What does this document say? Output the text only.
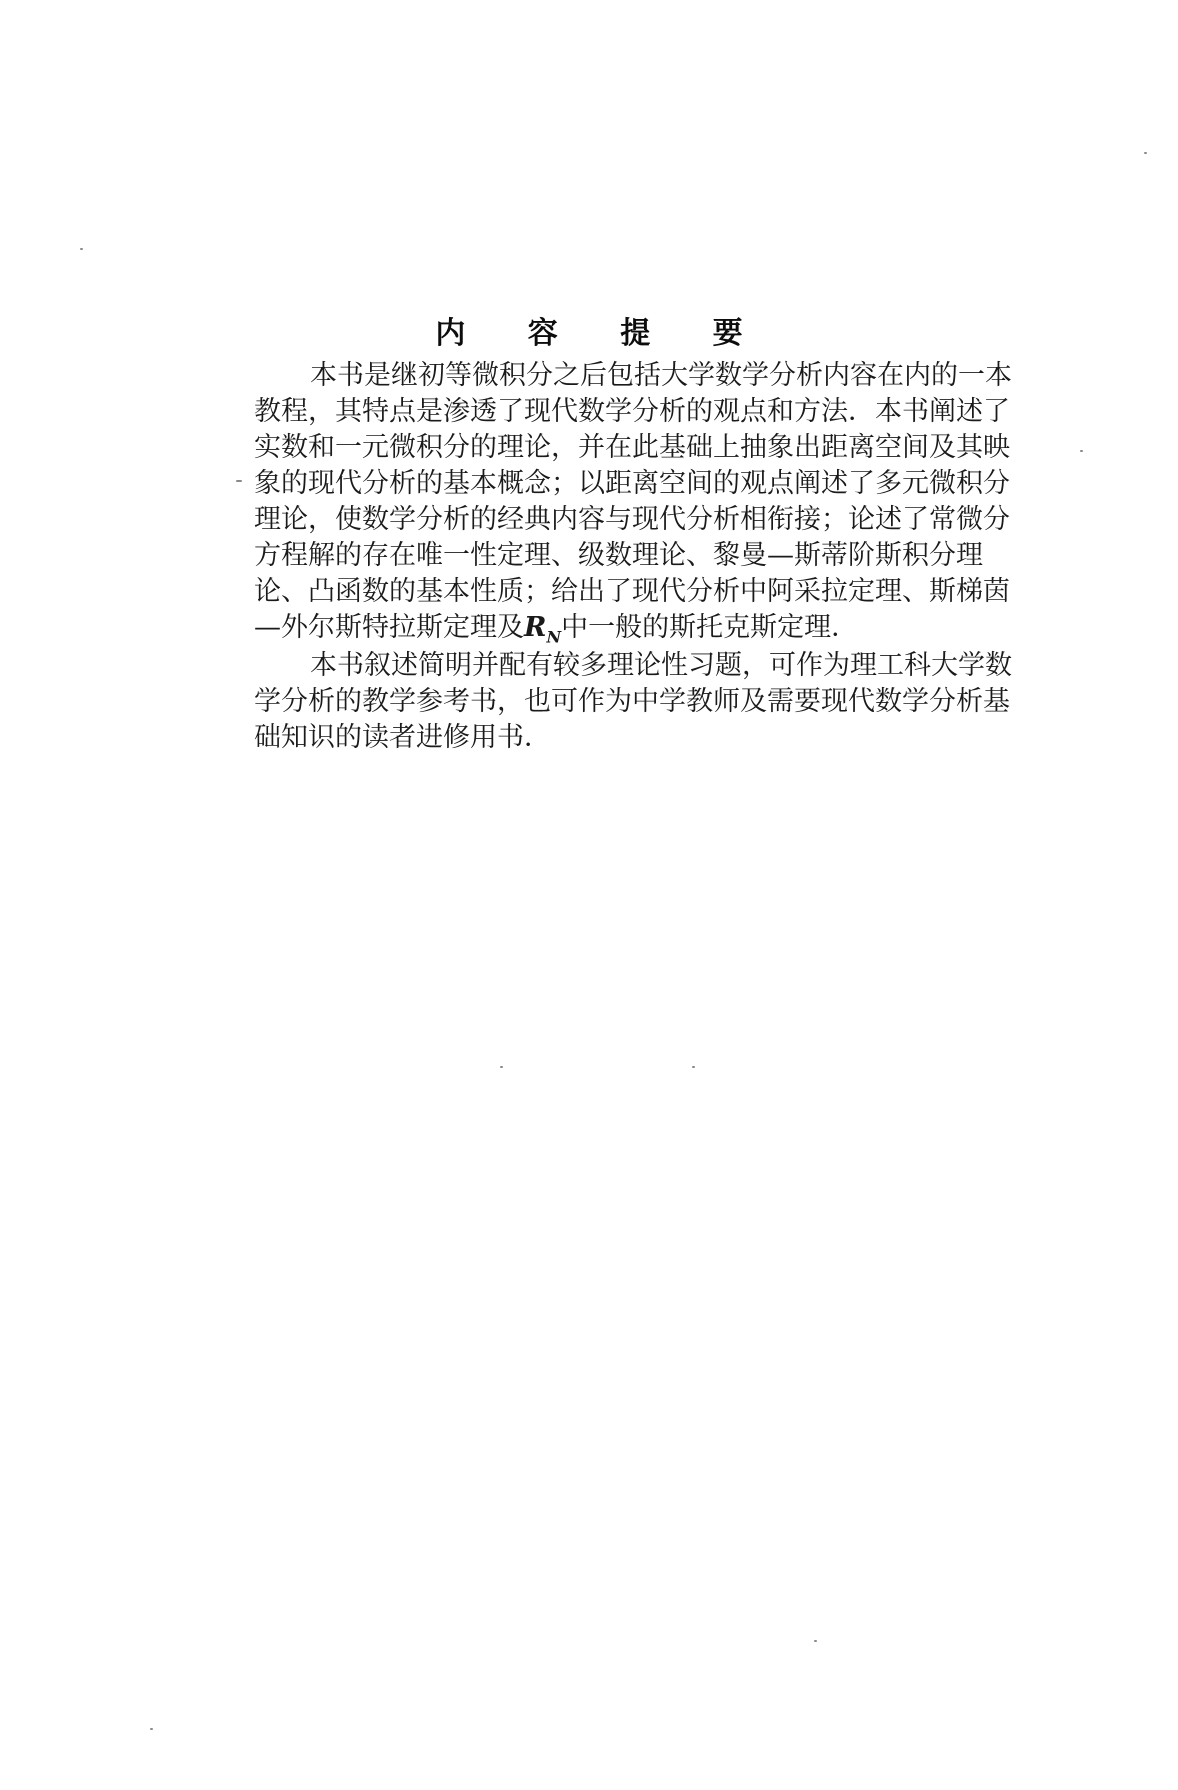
内 容 提 要
本书是继初等微积分之后包括大学数学分析内容在内的一本
教程，其特点是渗透了现代数学分析的观点和方法．本书阐述了
实数和一元微积分的理论，并在此基础上抽象出距离空间及其映
象的现代分析的基本概念；以距离空间的观点阐述了多元微积分
理论，使数学分析的经典内容与现代分析相衔接；论述了常微分
方程解的存在唯一性定理、级数理论、黎曼—斯蒂阶斯积分理
论、凸函数的基本性质；给出了现代分析中阿采拉定理、斯梯茵
—外尔斯特拉斯定理及$R_N$中一般的斯托克斯定理．
本书叙述简明并配有较多理论性习题，可作为理工科大学数
学分析的教学参考书，也可作为中学教师及需要现代数学分析基
础知识的读者进修用书．
